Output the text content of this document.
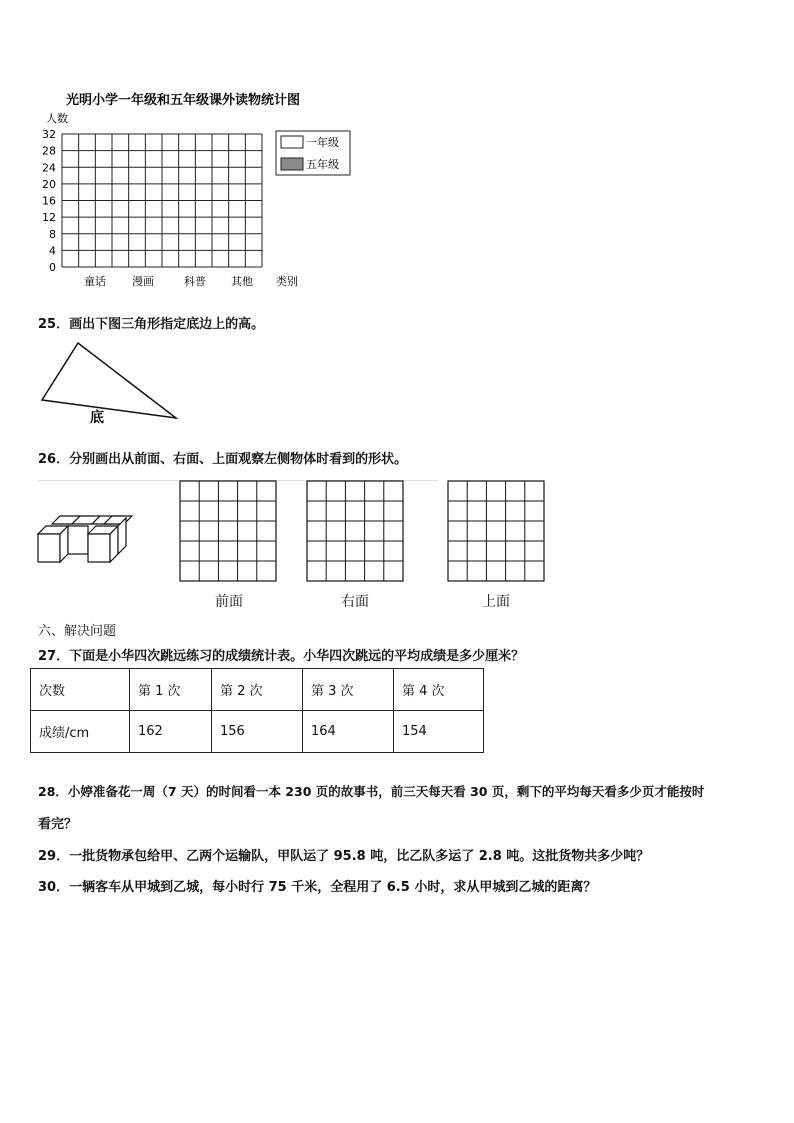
光明小学一年级和五年级课外读物统计图
人数
32
28
24
20
16
12
8
4
0
童话 漫画	科普 其他 类别
一年级
五年级
25．画出下图三角形指定底边上的高。
底
26．分别画出从前面、右面、上面观察左侧物体时看到的形状。
前面	右面	上面
六、解决问题
27．下面是小华四次跳远练习的成绩统计表。小华四次跳远的平均成绩是多少厘米？
次数	第 1 次	第 2 次	第 3 次	第 4 次
成绩/cm	162	156	164	154
28．小婷准备花一周（7 天）的时间看一本 230 页的故事书，前三天每天看 30 页，剩下的平均每天看多少页才能按时
看完？
29．一批货物承包给甲、乙两个运输队，甲队运了 95.8 吨，比乙队多运了 2.8 吨。这批货物共多少吨？
30．一辆客车从甲城到乙城，每小时行 75 千米，全程用了 6.5 小时，求从甲城到乙城的距离？
